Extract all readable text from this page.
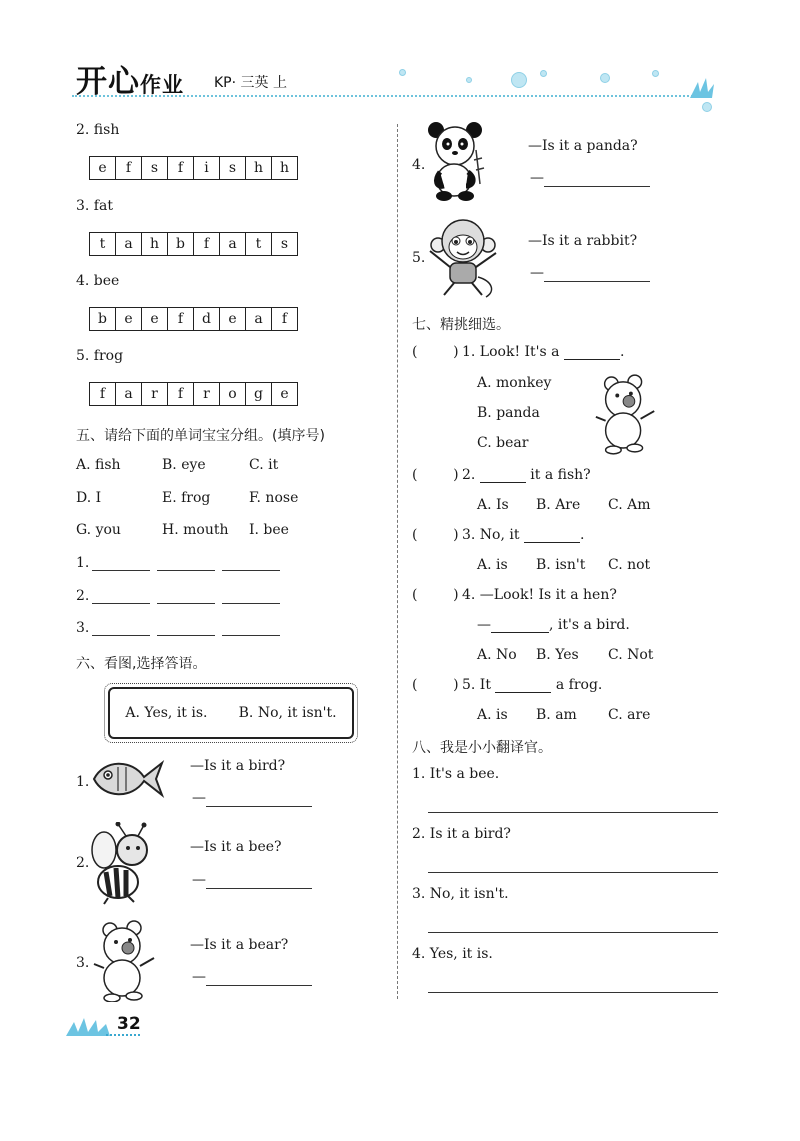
开心作业 KP· 三英 上
2. fish
e	f	s	f	i	s	h	h
3. fat
t	a	h	b	f	a	t	s
4. bee
b	e	e	f	d	e	a	f
5. frog
f	a	r	f	r	o	g	e
五、请给下面的单词宝宝分组。(填序号)
A. fish	B. eye	C. it
D. I	E. frog	F. nose
G. you	H. mouth I. bee
1.
2.
3.
六、看图,选择答语。
A. Yes, it is.       B. No, it isn't.
1.
—Is it a bird?
—
2.
—Is it a bee?
—
3.
—Is it a bear?
—
4.
—Is it a panda?
—
5.
—Is it a rabbit?
—
七、精挑细选。
(        ) 1. Look! It's a	.
A. monkey
B. panda
C. bear
(        ) 2.	it a fish?
A. Is B. Are C. Am
(        ) 3. No, it	.
A. is B. isn't C. not
(        ) 4. —Look! Is it a hen?
—	, it's a bird.
A. No B. Yes C. Not
(        ) 5. It	a frog.
A. is B. am C. are
八、我是小小翻译官。
1. It's a bee.
2. Is it a bird?
3. No, it isn't.
4. Yes, it is.
32
